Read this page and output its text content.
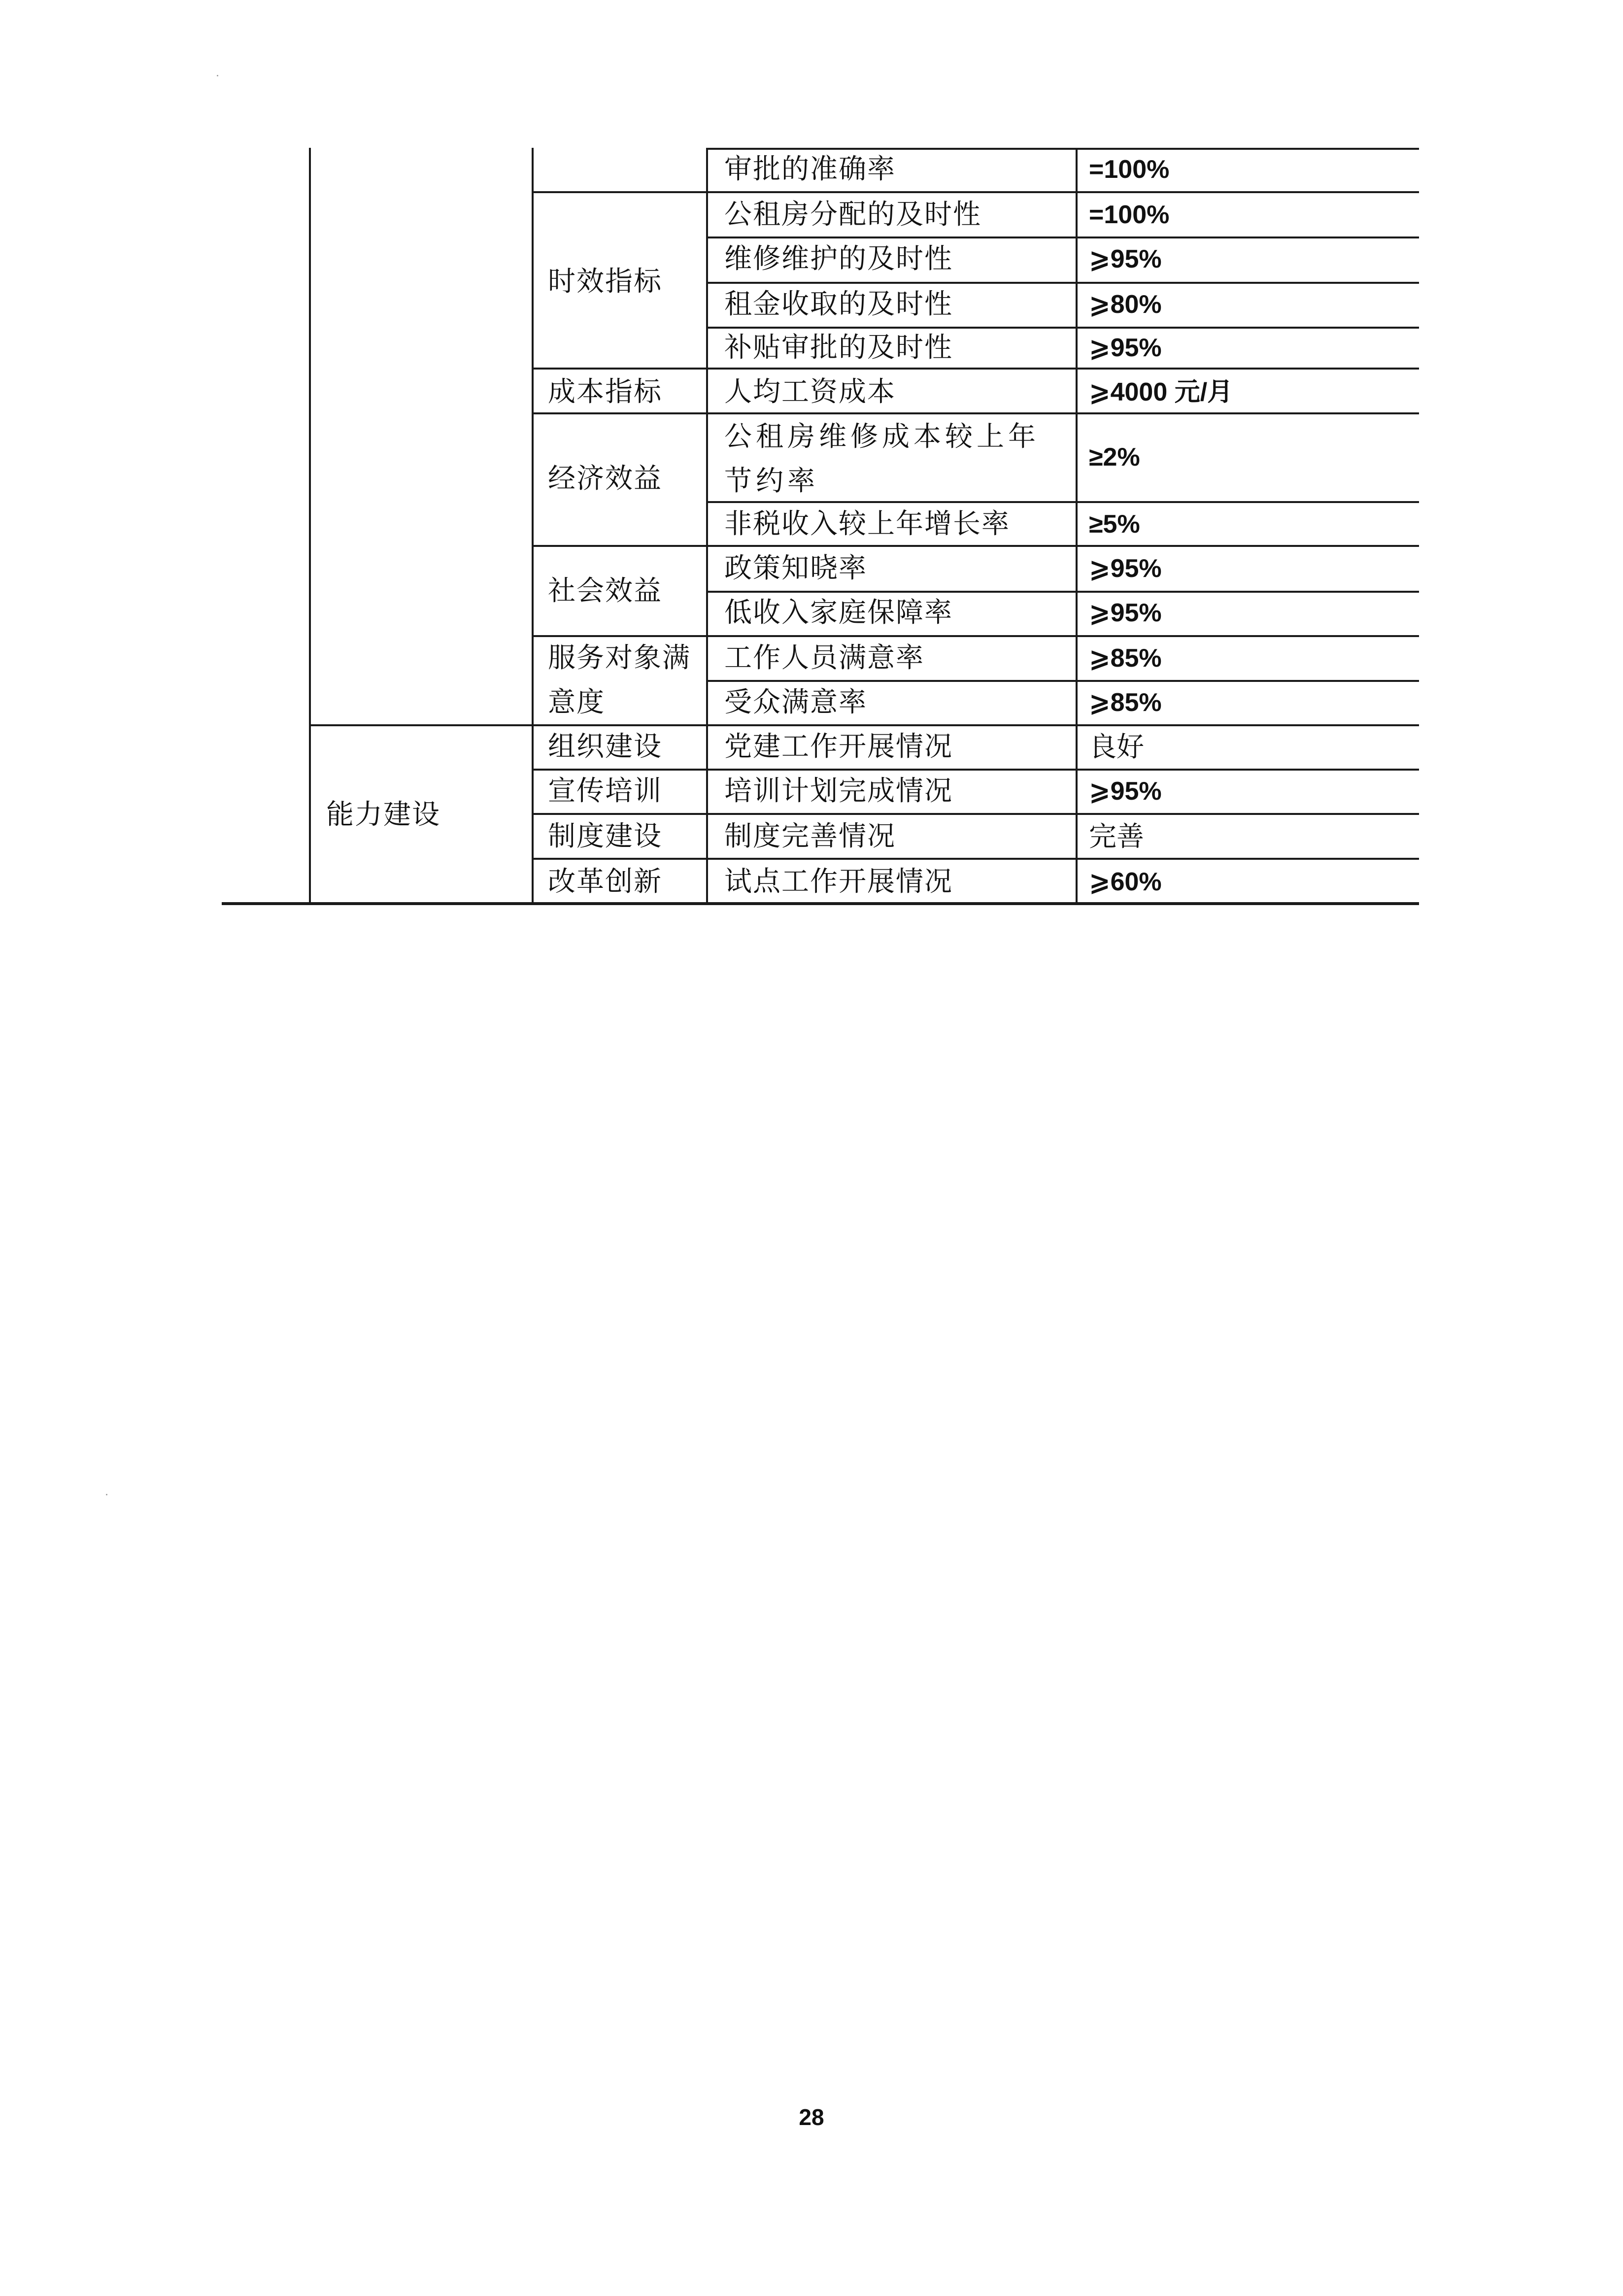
=100%
=100%
⩾95%
⩾80%
⩾95%
⩾4000 元/月
≥2%
≥5%
⩾95%
⩾95%
⩾85%
⩾85%
良好
⩾95%
完善
⩾60%
审批的准确率
公租房分配的及时性
维修维护的及时性
租金收取的及时性
补贴审批的及时性
人均工资成本
公租房维修成本较上年节约率
非税收入较上年增长率
政策知晓率
低收入家庭保障率
工作人员满意率
受众满意率
党建工作开展情况
培训计划完成情况
制度完善情况
试点工作开展情况
时效指标
成本指标
经济效益
社会效益
服务对象满
意度
组织建设
宣传培训
制度建设
改革创新
能力建设
28
